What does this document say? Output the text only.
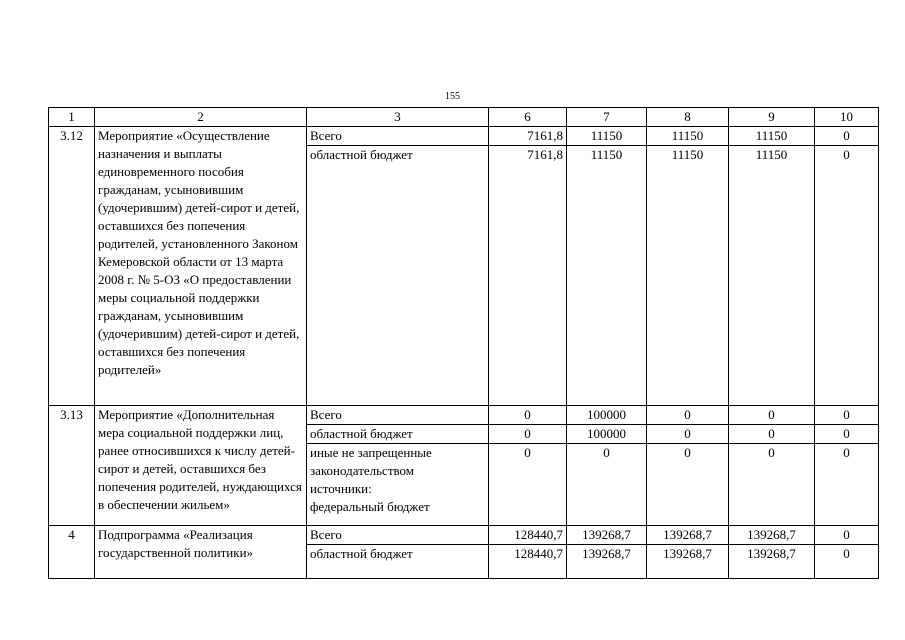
155
1	2	3	6	7	8	9	10
3.12	Мероприятие «Осуществление назначения и выплаты единовременного пособия гражданам, усыновившим (удочерившим) детей-сирот и детей, оставшихся без попечения родителей, установленного Законом Кемеровской области от 13 марта 2008 г. № 5-ОЗ «О предоставлении меры социальной поддержки гражданам, усыновившим (удочерившим) детей-сирот и детей, оставшихся без попечения родителей»	Всего	7161,8	11150	11150	11150	0
		областной бюджет	7161,8	11150	11150	11150	0
3.13	Мероприятие «Дополнительная мера социальной поддержки лиц, ранее относившихся к числу детей-сирот и детей, оставшихся без попечения родителей, нуждающихся в обеспечении жильем»	Всего	0	100000	0	0	0
		областной бюджет	0	100000	0	0	0

		иные не запрещенные
законодательством
источники:
федеральный бюджет	0	0	0	0	0

4	Подпрограмма «Реализация государственной политики»	Всего	128440,7	139268,7	139268,7	139268,7	0
		областной бюджет	128440,7	139268,7	139268,7	139268,7	0
